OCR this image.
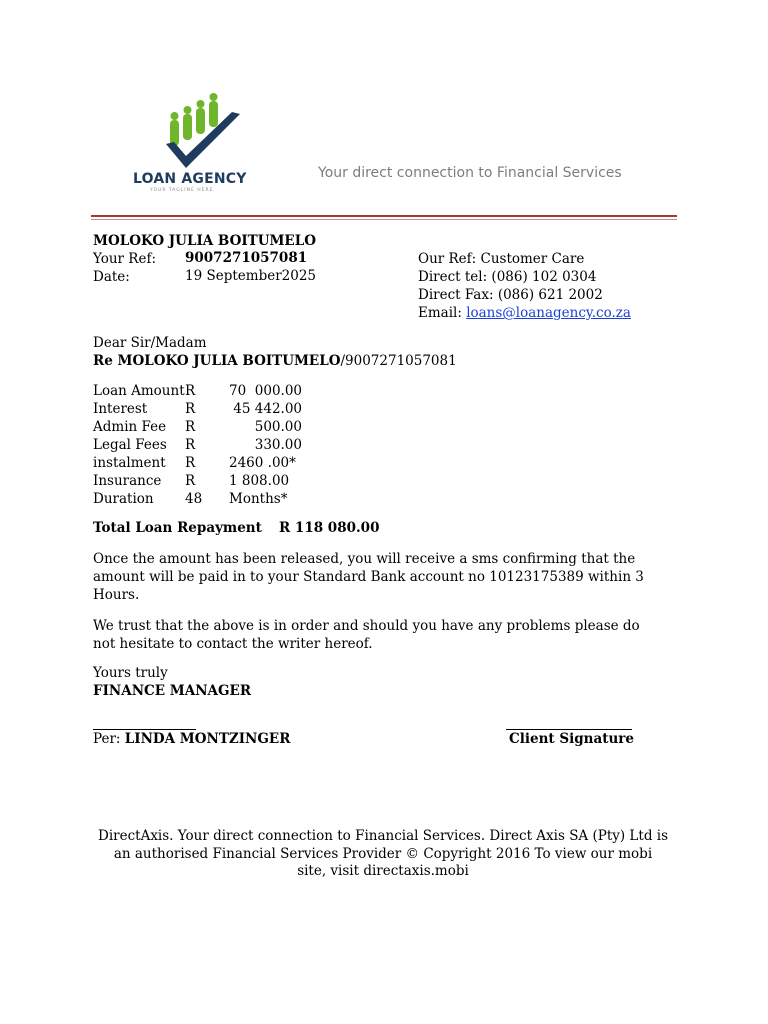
LOAN AGENCY
YOUR TAGLINE HERE
Your direct connection to Financial Services
MOLOKO JULIA BOITUMELO
Your Ref: 9007271057081
Date:	19 September2025
Our Ref: Customer Care
Direct tel: (086) 102 0304
Direct Fax: (086) 621 2002
Email: loans@loanagency.co.za
Dear Sir/Madam
Re MOLOKO JULIA BOITUMELO/9007271057081
Loan Amount R	70  000.00
Interest	R	45 442.00
Admin Fee R	500.00
Legal Fees R	330.00
instalment R	2460 .00*
Insurance R	1 808.00
Duration 48 Months*
Total Loan Repayment R 118 080.00
Once the amount has been released, you will receive a sms confirming that the amount will be paid in to your Standard Bank account no 10123175389 within 3 Hours.
We trust that the above is in order and should you have any problems please do not hesitate to contact the writer hereof.
Yours truly
FINANCE MANAGER
Per: LINDA MONTZINGER	Client Signature
DirectAxis. Your direct connection to Financial Services. Direct Axis SA (Pty) Ltd is an authorised Financial Services Provider © Copyright 2016 To view our mobi site, visit directaxis.mobi
